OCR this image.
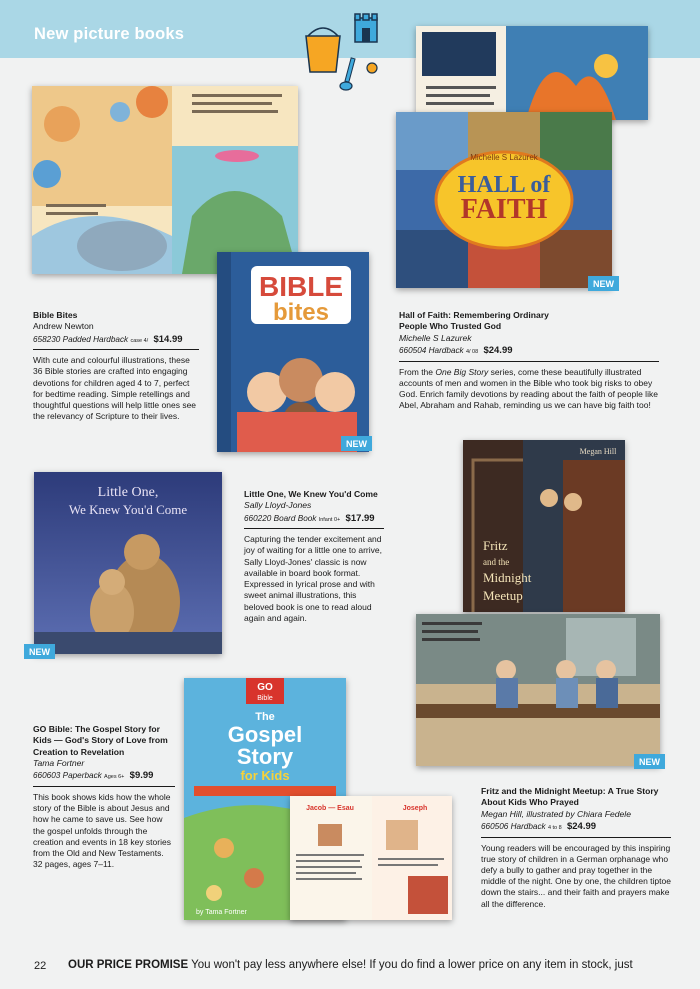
New picture books
BIBLE
bites
NEW
Bible Bites
Andrew Newton
658230 Padded Hardback case 4/ $14.99
With cute and colourful illustrations, these 36 Bible stories are crafted into engaging devotions for children aged 4 to 7, perfect for bedtime reading. Simple retellings and thoughtful questions will help little ones see the relevancy of Scripture to their lives.
Michelle S Lazurek
HALL of
FAITH
NEW
Hall of Faith: Remembering Ordinary People Who Trusted God
Michelle S Lazurek
660504 Hardback 4/ 08 $24.99
From the One Big Story series, come these beautifully illustrated accounts of men and women in the Bible who took big risks to obey God. Enrich family devotions by reading about the faith of people like Abel, Abraham and Rahab, reminding us we can have big faith too!
Little One,
We Knew You'd Come
NEW
Little One, We Knew You'd Come
Sally Lloyd-Jones
660220 Board Book Infant 0+ $17.99
Capturing the tender excitement and joy of waiting for a little one to arrive, Sally Lloyd-Jones' classic is now available in board book format. Expressed in lyrical prose and with sweet animal illustrations, this beloved book is one to read aloud again and again.
Megan Hill
Fritz
and the
Midnight
Meetup
NEW
Fritz and the Midnight Meetup: A True Story About Kids Who Prayed
Megan Hill, illustrated by Chiara Fedele
660506 Hardback 4 to 8 $24.99
Young readers will be encouraged by this inspiring true story of children in a German orphanage who defy a bully to gather and pray together in the middle of the night. One by one, the children tiptoe down the stairs... and their faith and prayers make all the difference.
GO
Bible
The
Gospel
Story
for Kids
by Tama Fortner
Jacob — Esau	Joseph
GO Bible: The Gospel Story for Kids — God's Story of Love from Creation to Revelation
Tama Fortner
660603 Paperback Ages 6+ $9.99
This book shows kids how the whole story of the Bible is about Jesus and how he came to save us. See how the gospel unfolds through the creation and events in 18 key stories from the Old and New Testaments. 32 pages, ages 7–11.
22 OUR PRICE PROMISE You won't pay less anywhere else! If you do find a lower price on any item in stock, just
